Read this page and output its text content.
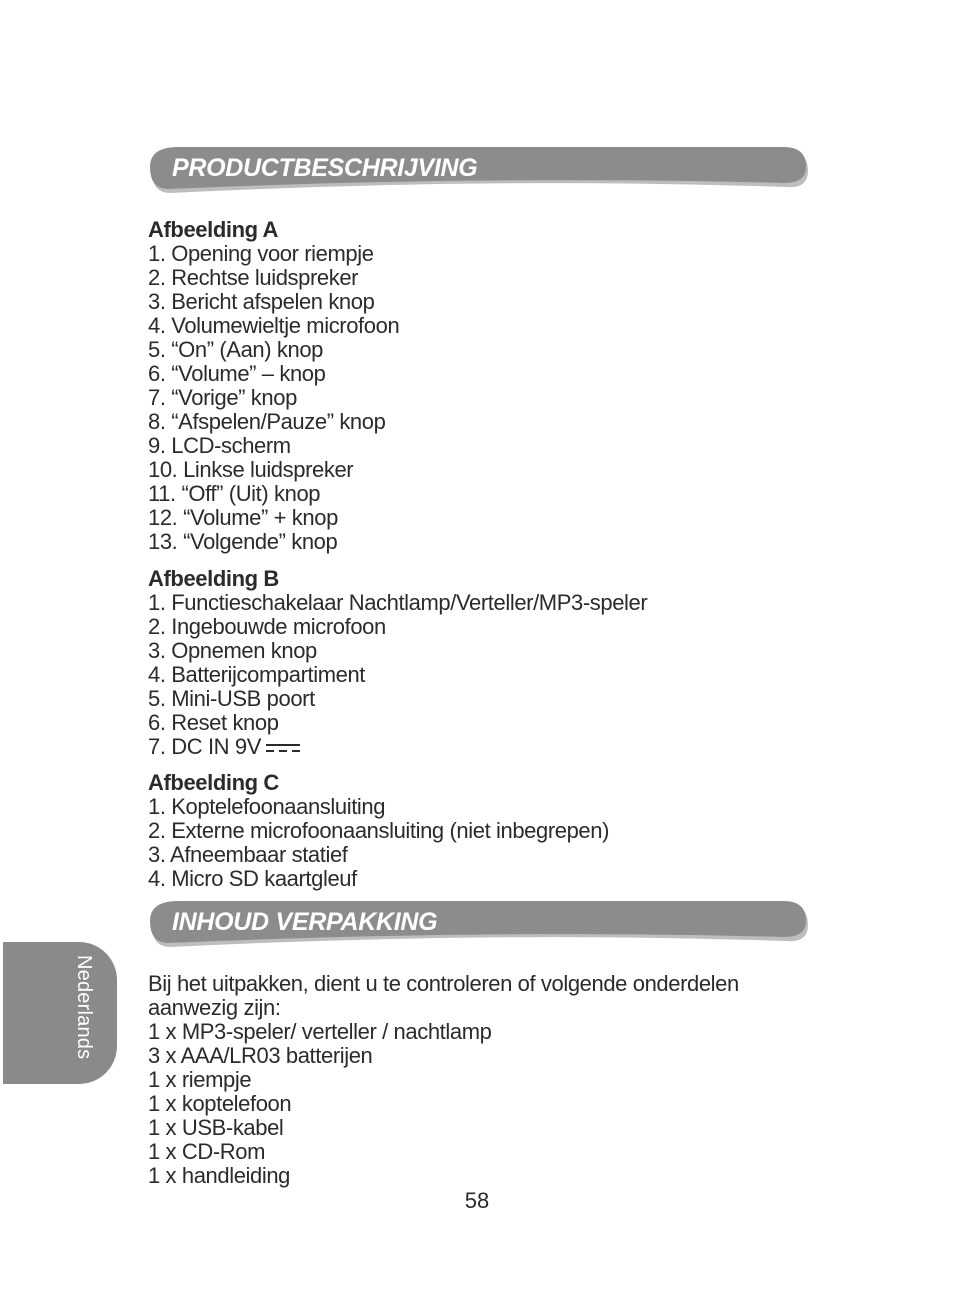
PRODUCTBESCHRIJVING
Afbeelding A
1. Opening voor riempje
2. Rechtse luidspreker
3. Bericht afspelen knop
4. Volumewieltje microfoon
5. “On” (Aan) knop
6. “Volume” – knop
7. “Vorige” knop
8. “Afspelen/Pauze” knop
9. LCD-scherm
10. Linkse luidspreker
11. “Off” (Uit) knop
12. “Volume” + knop
13. “Volgende” knop
Afbeelding B
1. Functieschakelaar Nachtlamp/Verteller/MP3-speler
2. Ingebouwde microfoon
3. Opnemen knop
4. Batterijcompartiment
5. Mini-USB poort
6. Reset knop
7. DC IN 9V
Afbeelding C
1. Koptelefoonaansluiting
2. Externe microfoonaansluiting (niet inbegrepen)
3. Afneembaar statief
4. Micro SD kaartgleuf
INHOUD VERPAKKING
Bij het uitpakken, dient u te controleren of volgende onderdelen
aanwezig zijn:
1 x MP3-speler/ verteller / nachtlamp
3 x AAA/LR03 batterijen
1 x riempje
1 x koptelefoon
1 x USB-kabel
1 x CD-Rom
1 x handleiding
Nederlands
58
